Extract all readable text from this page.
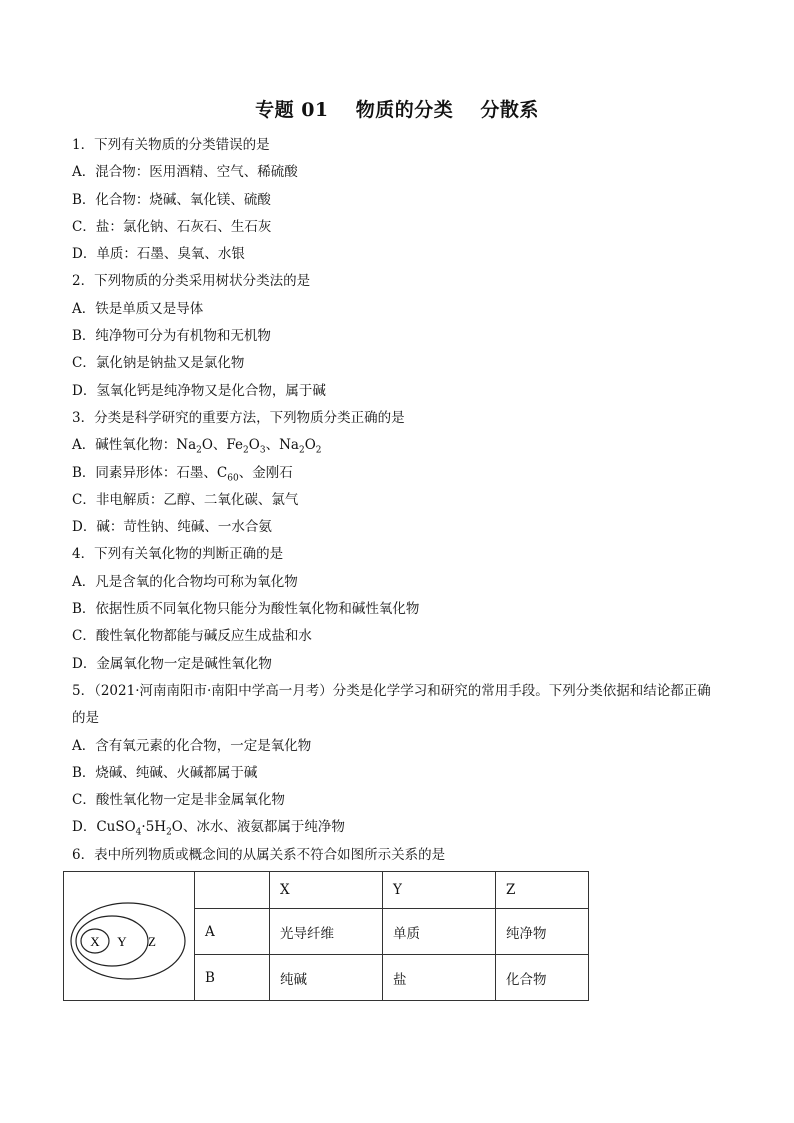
专题 01 物质的分类 分散系
1．下列有关物质的分类错误的是
A．混合物：医用酒精、空气、稀硫酸
B．化合物：烧碱、氧化镁、硫酸
C．盐：氯化钠、石灰石、生石灰
D．单质：石墨、臭氧、水银
2．下列物质的分类采用树状分类法的是
A．铁是单质又是导体
B．纯净物可分为有机物和无机物
C．氯化钠是钠盐又是氯化物
D．氢氧化钙是纯净物又是化合物，属于碱
3．分类是科学研究的重要方法，下列物质分类正确的是
A．碱性氧化物：$Na_2O$、$Fe_2O_3$、$Na_2O_2$
B．同素异形体：石墨、$C_{60}$、金刚石
C．非电解质：乙醇、二氧化碳、氯气
D．碱：苛性钠、纯碱、一水合氨
4．下列有关氧化物的判断正确的是
A．凡是含氧的化合物均可称为氧化物
B．依据性质不同氧化物只能分为酸性氧化物和碱性氧化物
C．酸性氧化物都能与碱反应生成盐和水
D．金属氧化物一定是碱性氧化物
5．（2021·河南南阳市·南阳中学高一月考）分类是化学学习和研究的常用手段。下列分类依据和结论都正确的是
A．含有氧元素的化合物，一定是氧化物
B．烧碱、纯碱、火碱都属于碱
C．酸性氧化物一定是非金属氧化物
D．$CuSO_4\cdot 5H_2O$、冰水、液氨都属于纯净物
6．表中所列物质或概念间的从属关系不符合如图所示关系的是
X Y Z		X	Y	Z
	A	光导纤维	单质	纯净物
	B	纯碱	盐	化合物
